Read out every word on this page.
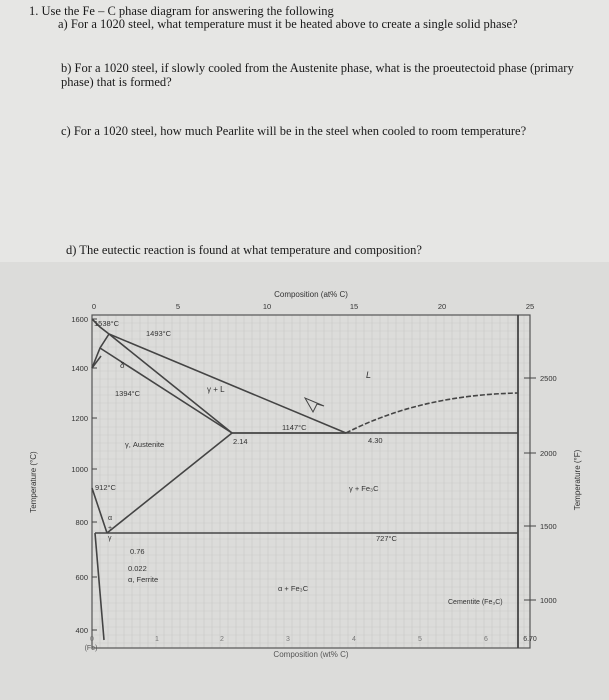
1. Use the Fe – C phase diagram for answering the following
a) For a 1020 steel, what temperature must it be heated above to create a single solid phase?
b) For a 1020 steel, if slowly cooled from the Austenite phase, what is the proeutectoid phase (primary phase) that is formed?
c) For a 1020 steel, how much Pearlite will be in the steel when cooled to room temperature?
d) The eutectic reaction is found at what temperature and composition?
Composition (at% C)
Composition (wt% C)
Temperature (°C)	Temperature (°F)
0	5	10	15	20	25
0	1	2	3	4	5	6	6.70
1600
1400
1200
1000
800
600
400
2500
2000
1500
1000
(Fe)
1538°C
1493°C
δ
1394°C	γ + L
L
1147°C
2.14	4.30
γ, Austenite
γ + Fe₃C
912°C
727°C
α
+
γ
0.76
0.022
α, Ferrite
α + Fe₃C
Cementite (Fe₃C)
